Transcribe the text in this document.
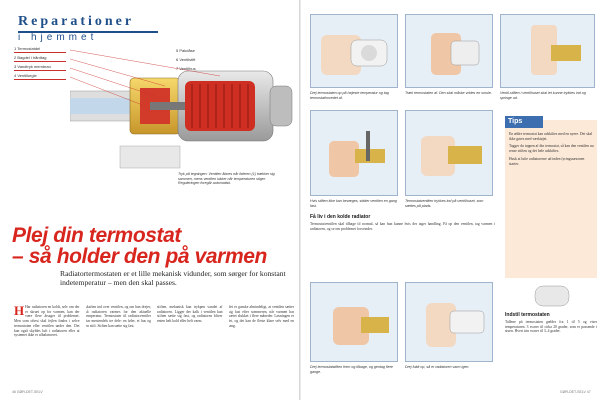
Reparationer
i hjemmet
1 Termostatdel
2 Bagdel i hårdtag
3 Vandtryk membran
4 Ventilkegle
5 Pakdåse
6 Ventilstift
7 Ventilhus
Tryk på tegningen: Ventilen åbnes når føleren (1) trækker sig sammen, mens ventilen lukker når temperaturen stiger. Reguleringen foregår automatisk.
Plej din termostat
– så holder den på varmen
Radiatortermostaten er et lille mekanisk vidunder, som sørger for konstant indetemperatur – men den skal passes.
H Har radiatoren en koldt, selv om der er skruet op for varmen, kan der være flere årsager til problemet. Men som oftest skal fejlen findes i selve termostaten eller ventilen under den. Det kan også skyldes luft i radiatoren eller at systemet ikke er afbalanceret.
skaften ind over ventilen, og om han drejer, så radiatoren varmes for den aktuelle temperatur. Termostater til radiatorventiler har mestendels tre dele: en føler, et hus og en stift. Stiften kan sætte sig fast.
stiften, mekanisk kan trykpen vandet af radiatoren. Ligger der kalk i ventilen kan stiften sætte sig fast, og radiatoren bliver enten helt kold eller helt varm.
det er ganske almindeligt, at ventilen sætter sig fast efter sommeren, når varmen har været slukket i flere måneder. Løsningen er let, og det kan de fleste klare selv med en tang.
46 GØR-DET-SELV
Drej termostaten op på højeste temperatur og tag termostathovedet af.
Træk termostaten af. Den skal måske vrides en smule.	Ventil-stiften i ventilhuset skal let kunne trykkes ind og springe ud.
Hvis stiften ikke kan bevæges, sidder ventilen en gang fast.
Termostatventilen trykkes ind på ventilhuset, som sættes på plads.
Tips

En ældre termostat kan udskiftes med en nyere. Det skal ikke gøres med værktøjet.

Tagger du toppen af din termostat, så kan den ventilen nu rense stiften og det hele udskiftes.

Husk at lufte radiatorerne ud inden fyringssæsonen starter.

Få liv i den kolde radiator
Termostatventilen skal tilbage til normal, så kan hun kunne hvis der tager handling. Få op den ventilen, tag varmen i radiatoren, og se om problemet forsvinder.
Drej termostatstiften frem og tilbage, og gentag flere gange.
Drej fuldt op, så er radiatoren varm igen.
Indstil termostaten
Tallene på termostaten gælder fra 1 til 5 og viser temperaturen. 3 svarer til cirka 20 grader, som er passende i stuen. Hvert trin svarer til 3–4 grader.
GØR-DET-SELV 47
